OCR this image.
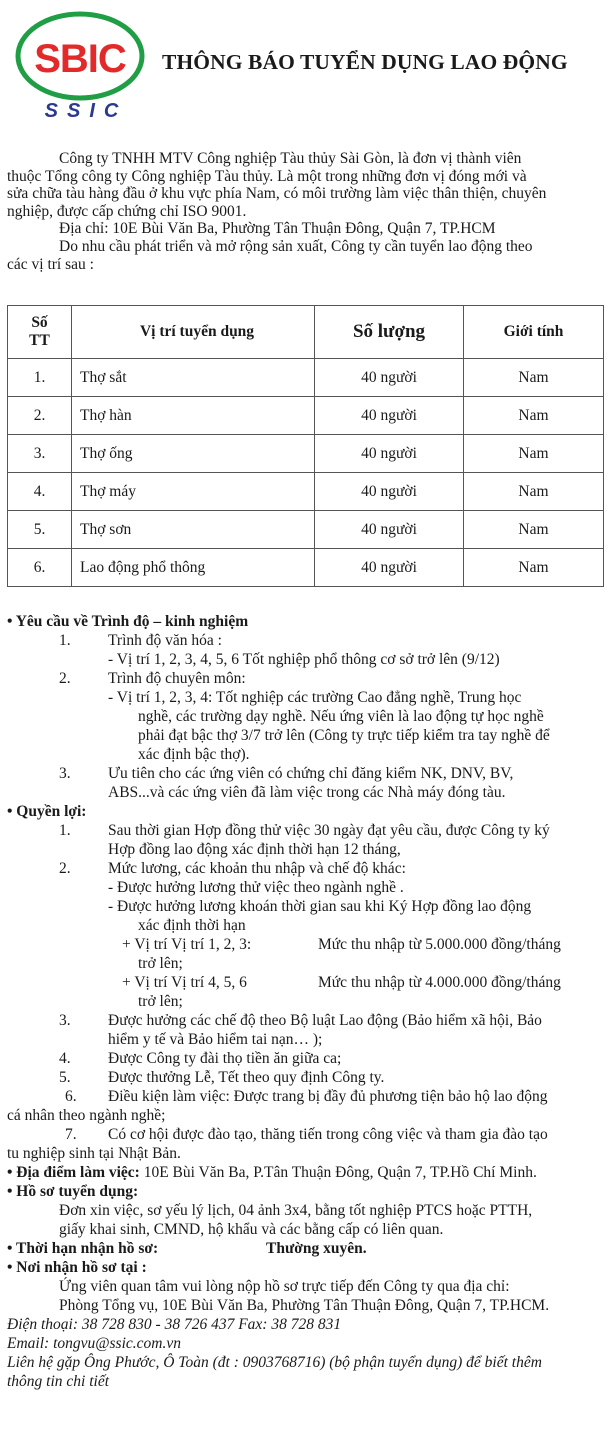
SBIC
SSIC
THÔNG BÁO TUYỂN DỤNG LAO ĐỘNG

Công ty TNHH MTV Công nghiệp Tàu thủy Sài Gòn, là đơn vị thành viên

thuộc Tổng công ty Công nghiệp Tàu thủy. Là một trong những đơn vị đóng mới và

sửa chữa tàu hàng đầu ở khu vực phía Nam, có môi trường làm việc thân thiện, chuyên

nghiệp, được cấp chứng chỉ ISO 9001.

Địa chỉ: 10E Bùi Văn Ba, Phường Tân Thuận Đông, Quận 7, TP.HCM

Do nhu cầu phát triển và mở rộng sản xuất, Công ty cần tuyển lao động theo

các vị trí sau :

Số
TT	Vị trí tuyển dụng	Số lượng	Giới tính
1.	Thợ sắt	40 người	Nam
2.	Thợ hàn	40 người	Nam
3.	Thợ ống	40 người	Nam
4.	Thợ máy	40 người	Nam
5.	Thợ sơn	40 người	Nam
6.	Lao động phổ thông	40 người	Nam
• Yêu cầu về Trình độ – kinh nghiệm
1. Trình độ văn hóa :
- Vị trí 1, 2, 3, 4, 5, 6 Tốt nghiệp phổ thông cơ sở trở lên (9/12)
2. Trình độ chuyên môn:
- Vị trí 1, 2, 3, 4: Tốt nghiệp các trường Cao đẳng nghề, Trung học
nghề, các trường dạy nghề. Nếu ứng viên là lao động tự học nghề
phải đạt bậc thợ 3/7 trở lên (Công ty trực tiếp kiểm tra tay nghề để
xác định bậc thợ).
3. Ưu tiên cho các ứng viên có chứng chỉ đăng kiểm NK, DNV, BV,
ABS...và các ứng viên đã làm việc trong các Nhà máy đóng tàu.
• Quyền lợi:
1. Sau thời gian Hợp đồng thử việc 30 ngày đạt yêu cầu, được Công ty ký
Hợp đồng lao động xác định thời hạn 12 tháng,
2. Mức lương, các khoản thu nhập và chế độ khác:
- Được hưởng lương thử việc theo ngành nghề .
- Được hưởng lương khoán thời gian sau khi Ký Hợp đồng lao động
xác định thời hạn
+ Vị trí Vị trí 1, 2, 3:	Mức thu nhập từ 5.000.000 đồng/tháng

trở lên;
+ Vị trí Vị trí 4, 5, 6	Mức thu nhập từ 4.000.000 đồng/tháng

trở lên;
3. Được hưởng các chế độ theo Bộ luật Lao động (Bảo hiểm xã hội, Bảo
hiểm y tế và Bảo hiểm tai nạn… );
4. Được Công ty đài thọ tiền ăn giữa ca;
5. Được thưởng Lễ, Tết theo quy định Công ty.
6. Điều kiện làm việc: Được trang bị đầy đủ phương tiện bảo hộ lao động
cá nhân theo ngành nghề;
7. Có cơ hội được đào tạo, thăng tiến trong công việc và tham gia đào tạo
tu nghiệp sinh tại Nhật Bản.
• Địa điểm làm việc: 10E Bùi Văn Ba, P.Tân Thuận Đông, Quận 7, TP.Hồ Chí Minh.
• Hồ sơ tuyển dụng:
Đơn xin việc, sơ yếu lý lịch, 04 ảnh 3x4, bằng tốt nghiệp PTCS hoặc PTTH,
giấy khai sinh, CMND, hộ khẩu và các bằng cấp có liên quan.
• Thời hạn nhận hồ sơ:	Thường xuyên.
• Nơi nhận hồ sơ tại :
Ứng viên quan tâm vui lòng nộp hồ sơ trực tiếp đến Công ty qua địa chỉ:
Phòng Tổng vụ, 10E Bùi Văn Ba, Phường Tân Thuận Đông, Quận 7, TP.HCM.
Điện thoại: 38 728 830 - 38 726 437 Fax: 38 728 831
Email: tongvu@ssic.com.vn
Liên hệ gặp Ông Phước, Ô Toàn (đt : 0903768716) (bộ phận tuyển dụng) để biết thêm
thông tin chi tiết
